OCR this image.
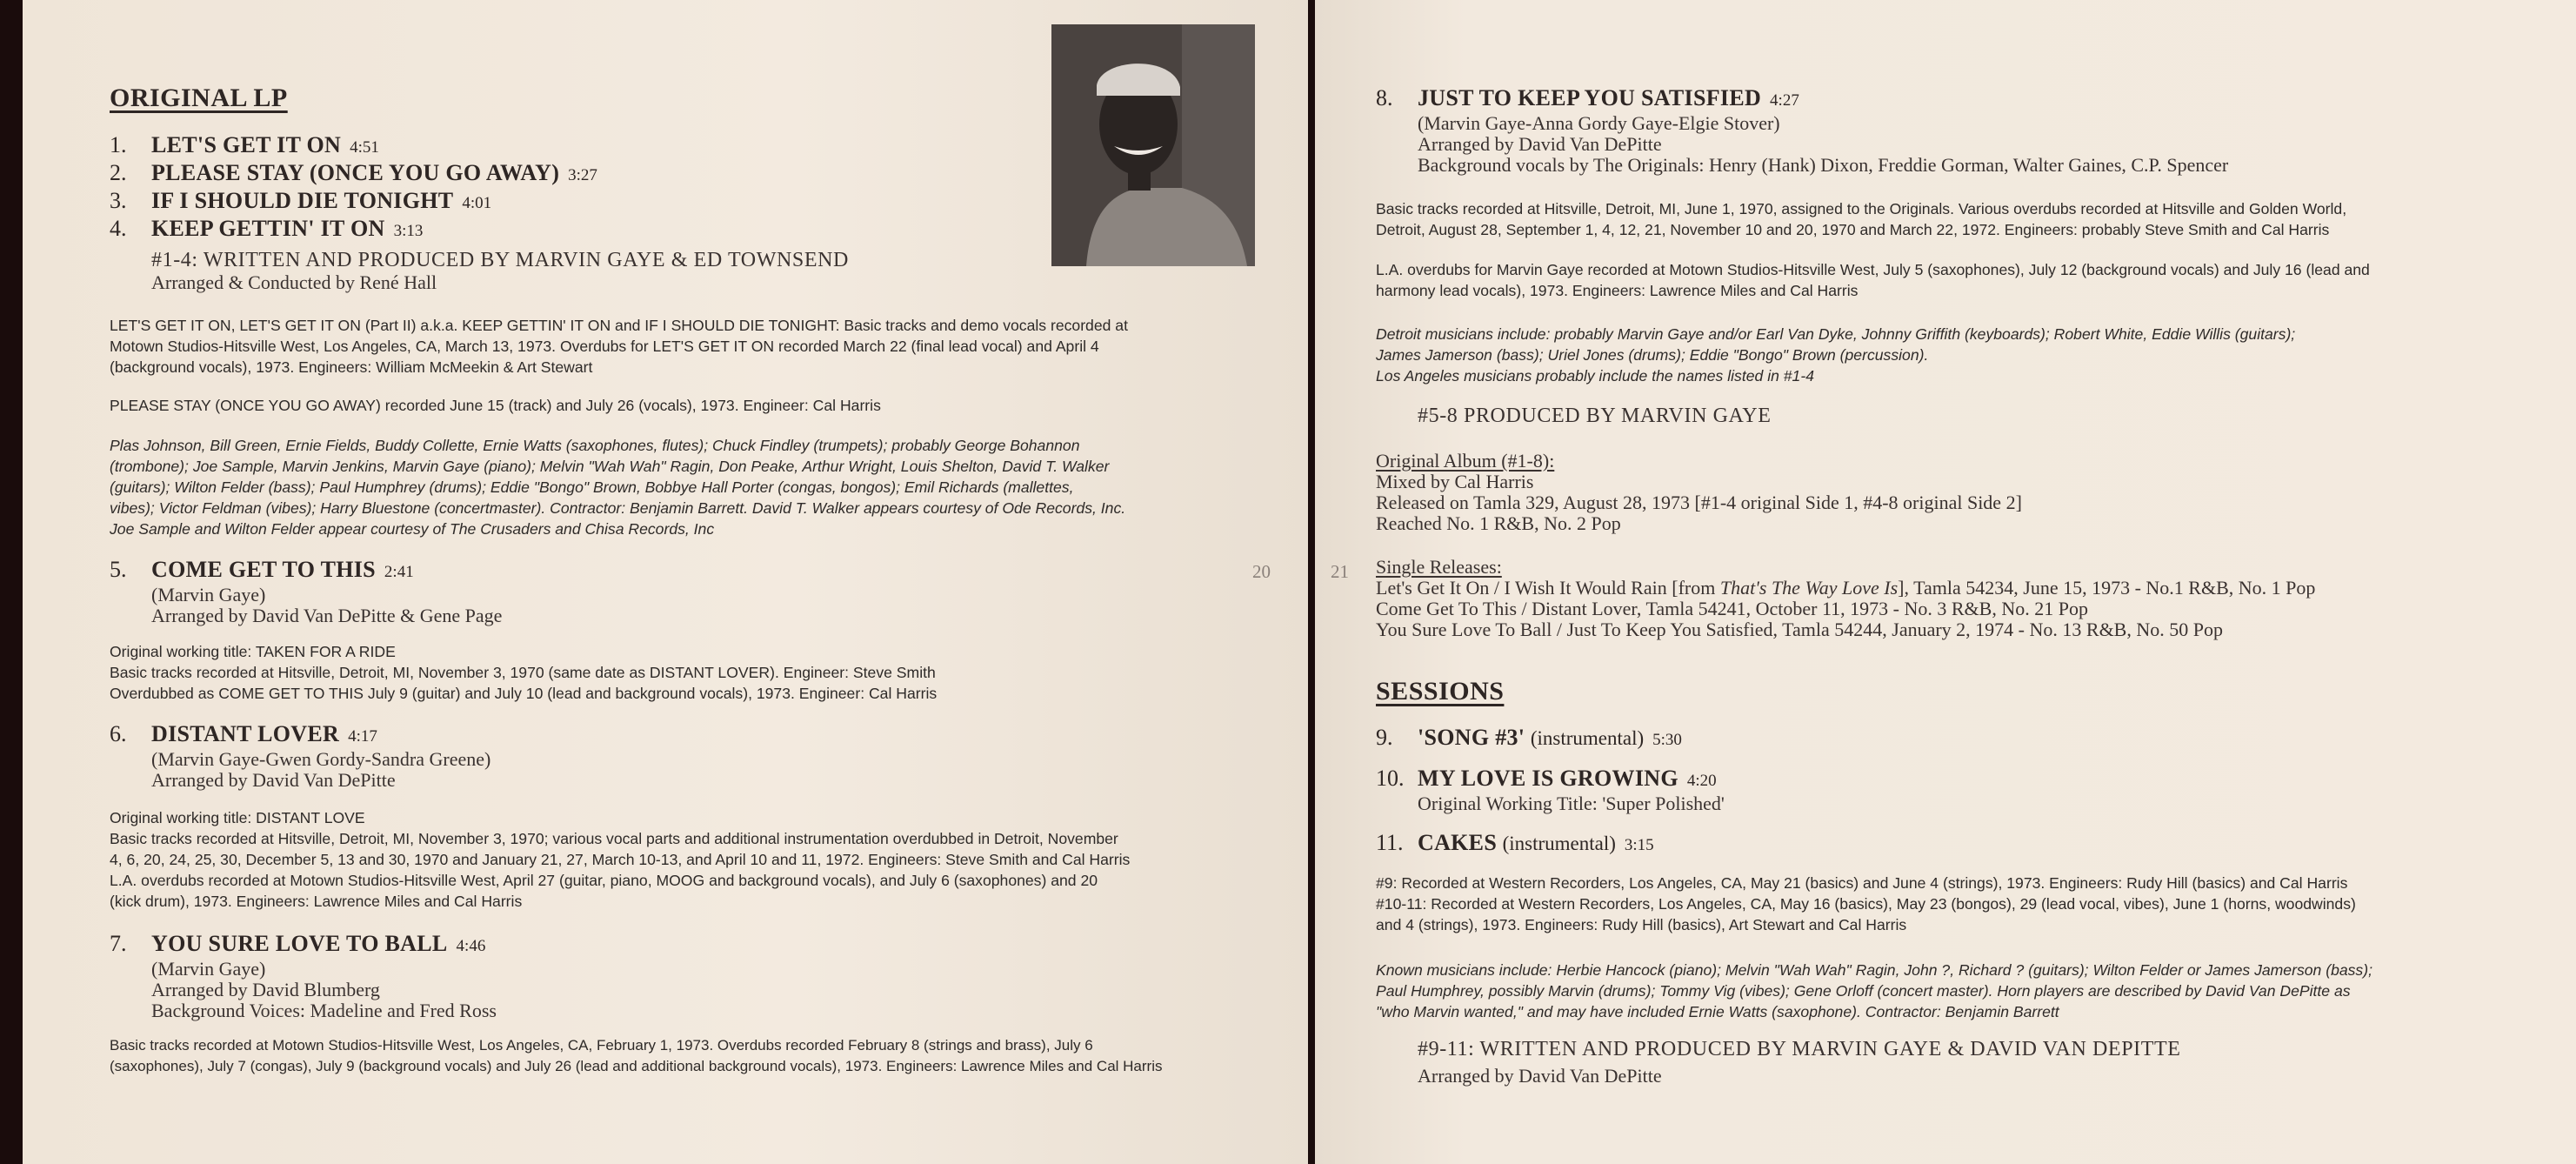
ORIGINAL LP
1. LET'S GET IT ON 4:51
2. PLEASE STAY (ONCE YOU GO AWAY) 3:27
3. IF I SHOULD DIE TONIGHT 4:01
4. KEEP GETTIN' IT ON 3:13
#1-4: WRITTEN AND PRODUCED BY MARVIN GAYE & ED TOWNSEND
Arranged & Conducted by René Hall
LET'S GET IT ON, LET'S GET IT ON (Part II) a.k.a. KEEP GETTIN' IT ON and IF I SHOULD DIE TONIGHT: Basic tracks and demo vocals recorded at
Motown Studios-Hitsville West, Los Angeles, CA, March 13, 1973. Overdubs for LET'S GET IT ON recorded March 22 (final lead vocal) and April 4
(background vocals), 1973. Engineers: William McMeekin & Art Stewart
PLEASE STAY (ONCE YOU GO AWAY) recorded June 15 (track) and July 26 (vocals), 1973. Engineer: Cal Harris
Plas Johnson, Bill Green, Ernie Fields, Buddy Collette, Ernie Watts (saxophones, flutes); Chuck Findley (trumpets); probably George Bohannon
(trombone); Joe Sample, Marvin Jenkins, Marvin Gaye (piano); Melvin "Wah Wah" Ragin, Don Peake, Arthur Wright, Louis Shelton, David T. Walker
(guitars); Wilton Felder (bass); Paul Humphrey (drums); Eddie "Bongo" Brown, Bobbye Hall Porter (congas, bongos); Emil Richards (mallettes,
vibes); Victor Feldman (vibes); Harry Bluestone (concertmaster). Contractor: Benjamin Barrett. David T. Walker appears courtesy of Ode Records, Inc.
Joe Sample and Wilton Felder appear courtesy of The Crusaders and Chisa Records, Inc
5. COME GET TO THIS 2:41
(Marvin Gaye)
Arranged by David Van DePitte & Gene Page
Original working title: TAKEN FOR A RIDE
Basic tracks recorded at Hitsville, Detroit, MI, November 3, 1970 (same date as DISTANT LOVER). Engineer: Steve Smith
Overdubbed as COME GET TO THIS July 9 (guitar) and July 10 (lead and background vocals), 1973. Engineer: Cal Harris
6. DISTANT LOVER 4:17
(Marvin Gaye-Gwen Gordy-Sandra Greene)
Arranged by David Van DePitte
Original working title: DISTANT LOVE
Basic tracks recorded at Hitsville, Detroit, MI, November 3, 1970; various vocal parts and additional instrumentation overdubbed in Detroit, November
4, 6, 20, 24, 25, 30, December 5, 13 and 30, 1970 and January 21, 27, March 10-13, and April 10 and 11, 1972. Engineers: Steve Smith and Cal Harris
L.A. overdubs recorded at Motown Studios-Hitsville West, April 27 (guitar, piano, MOOG and background vocals), and July 6 (saxophones) and 20
(kick drum), 1973. Engineers: Lawrence Miles and Cal Harris
7. YOU SURE LOVE TO BALL 4:46
(Marvin Gaye)
Arranged by David Blumberg
Background Voices: Madeline and Fred Ross
Basic tracks recorded at Motown Studios-Hitsville West, Los Angeles, CA, February 1, 1973. Overdubs recorded February 8 (strings and brass), July 6
(saxophones), July 7 (congas), July 9 (background vocals) and July 26 (lead and additional background vocals), 1973. Engineers: Lawrence Miles and Cal Harris
20	21
8. JUST TO KEEP YOU SATISFIED 4:27
(Marvin Gaye-Anna Gordy Gaye-Elgie Stover)
Arranged by David Van DePitte
Background vocals by The Originals: Henry (Hank) Dixon, Freddie Gorman, Walter Gaines, C.P. Spencer
Basic tracks recorded at Hitsville, Detroit, MI, June 1, 1970, assigned to the Originals. Various overdubs recorded at Hitsville and Golden World,
Detroit, August 28, September 1, 4, 12, 21, November 10 and 20, 1970 and March 22, 1972. Engineers: probably Steve Smith and Cal Harris
L.A. overdubs for Marvin Gaye recorded at Motown Studios-Hitsville West, July 5 (saxophones), July 12 (background vocals) and July 16 (lead and
harmony lead vocals), 1973. Engineers: Lawrence Miles and Cal Harris
Detroit musicians include: probably Marvin Gaye and/or Earl Van Dyke, Johnny Griffith (keyboards); Robert White, Eddie Willis (guitars);
James Jamerson (bass); Uriel Jones (drums); Eddie "Bongo" Brown (percussion).
Los Angeles musicians probably include the names listed in #1-4
#5-8 PRODUCED BY MARVIN GAYE
Original Album (#1-8):
Mixed by Cal Harris
Released on Tamla 329, August 28, 1973 [#1-4 original Side 1, #4-8 original Side 2]
Reached No. 1 R&B, No. 2 Pop
Single Releases:
Let's Get It On / I Wish It Would Rain [from That's The Way Love Is], Tamla 54234, June 15, 1973 - No.1 R&B, No. 1 Pop
Come Get To This / Distant Lover, Tamla 54241, October 11, 1973 - No. 3 R&B, No. 21 Pop
You Sure Love To Ball / Just To Keep You Satisfied, Tamla 54244, January 2, 1974 - No. 13 R&B, No. 50 Pop
SESSIONS
9. 'SONG #3' (instrumental) 5:30
10. MY LOVE IS GROWING 4:20
Original Working Title: 'Super Polished'
11. CAKES (instrumental) 3:15
#9: Recorded at Western Recorders, Los Angeles, CA, May 21 (basics) and June 4 (strings), 1973. Engineers: Rudy Hill (basics) and Cal Harris
#10-11: Recorded at Western Recorders, Los Angeles, CA, May 16 (basics), May 23 (bongos), 29 (lead vocal, vibes), June 1 (horns, woodwinds)
and 4 (strings), 1973. Engineers: Rudy Hill (basics), Art Stewart and Cal Harris
Known musicians include: Herbie Hancock (piano); Melvin "Wah Wah" Ragin, John ?, Richard ? (guitars); Wilton Felder or James Jamerson (bass);
Paul Humphrey, possibly Marvin (drums); Tommy Vig (vibes); Gene Orloff (concert master). Horn players are described by David Van DePitte as
"who Marvin wanted," and may have included Ernie Watts (saxophone). Contractor: Benjamin Barrett
#9-11: WRITTEN AND PRODUCED BY MARVIN GAYE & DAVID VAN DEPITTE
Arranged by David Van DePitte
